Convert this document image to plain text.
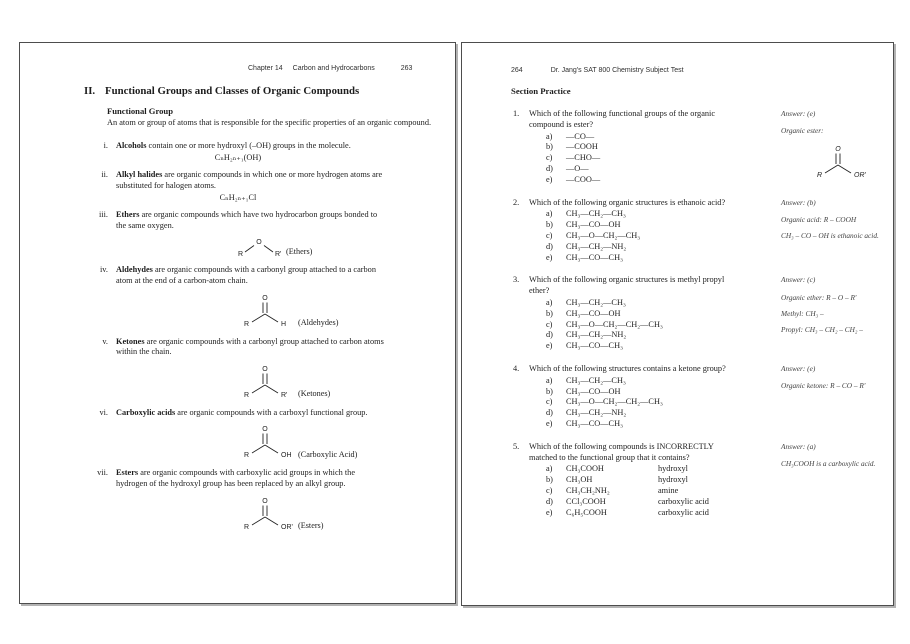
Chapter 14 Carbon and Hydrocarbons	263
II. Functional Groups and Classes of Organic Compounds
Functional Group
An atom or group of atoms that is responsible for the specific properties of an organic compound.
i. Alcohols contain one or more hydroxyl (–OH) groups in the molecule.
CₙH₂ₙ₊₁(OH)
ii. Alkyl halides are organic compounds in which one or more hydrogen atoms are substituted for halogen atoms.
CₙH₂ₙ₊₁Cl
iii. Ethers are organic compounds which have two hydrocarbon groups bonded to the same oxygen.
O
R	R' (Ethers)
iv. Aldehydes are organic compounds with a carbonyl group attached to a carbon atom at the end of a carbon-atom chain.
O
R	H (Aldehydes)
v. Ketones are organic compounds with a carbonyl group attached to carbon atoms within the chain.
O
R	R' (Ketones)
vi. Carboxylic acids are organic compounds with a carboxyl functional group.
O
R	OH (Carboxylic Acid)
vii. Esters are organic compounds with carboxylic acid groups in which the hydrogen of the hydroxyl group has been replaced by an alkyl group.
O
R	OR' (Esters)
264	Dr. Jang's SAT 800 Chemistry Subject Test
Section Practice
1.	Which of the following functional groups of the organic compound is ester?
a)	—CO—
b)	—COOH
c)	—CHO—
d)	—O—
e)	—COO—
Answer: (e)
Organic ester:
O
R	OR'
2.	Which of the following organic structures is ethanoic acid?
a)	CH₃—CH₂—CH₃
b)	CH₃—CO—OH
c)	CH₃—O—CH₂—CH₃
d)	CH₃—CH₂—NH₂
e)	CH₃—CO—CH₃
Answer: (b)
Organic acid: R – COOH
CH₃ – CO – OH is ethanoic acid.
3.	Which of the following organic structures is methyl propyl ether?
a)	CH₃—CH₂—CH₃
b)	CH₃—CO—OH
c)	CH₃—O—CH₂—CH₂—CH₃
d)	CH₃—CH₂—NH₂
e)	CH₃—CO—CH₃
Answer: (c)
Organic ether: R – O – R'
Methyl: CH₃ –
Propyl: CH₃ – CH₂ – CH₂ –
4.	Which of the following structures contains a ketone group?
a)	CH₃—CH₂—CH₃
b)	CH₃—CO—OH
c)	CH₃—O—CH₂—CH₂—CH₃
d)	CH₃—CH₂—NH₂
e)	CH₃—CO—CH₃
Answer: (e)
Organic ketone: R – CO – R'
5.	Which of the following compounds is INCORRECTLY matched to the functional group that it contains?
a)	CH₃COOH	hydroxyl
b)	CH₃OH	hydroxyl
c)	CH₃CH₂NH₂	amine
d)	CCl₃COOH	carboxylic acid
e)	C₆H₅COOH	carboxylic acid
Answer: (a)
CH₃COOH is a carboxylic acid.
